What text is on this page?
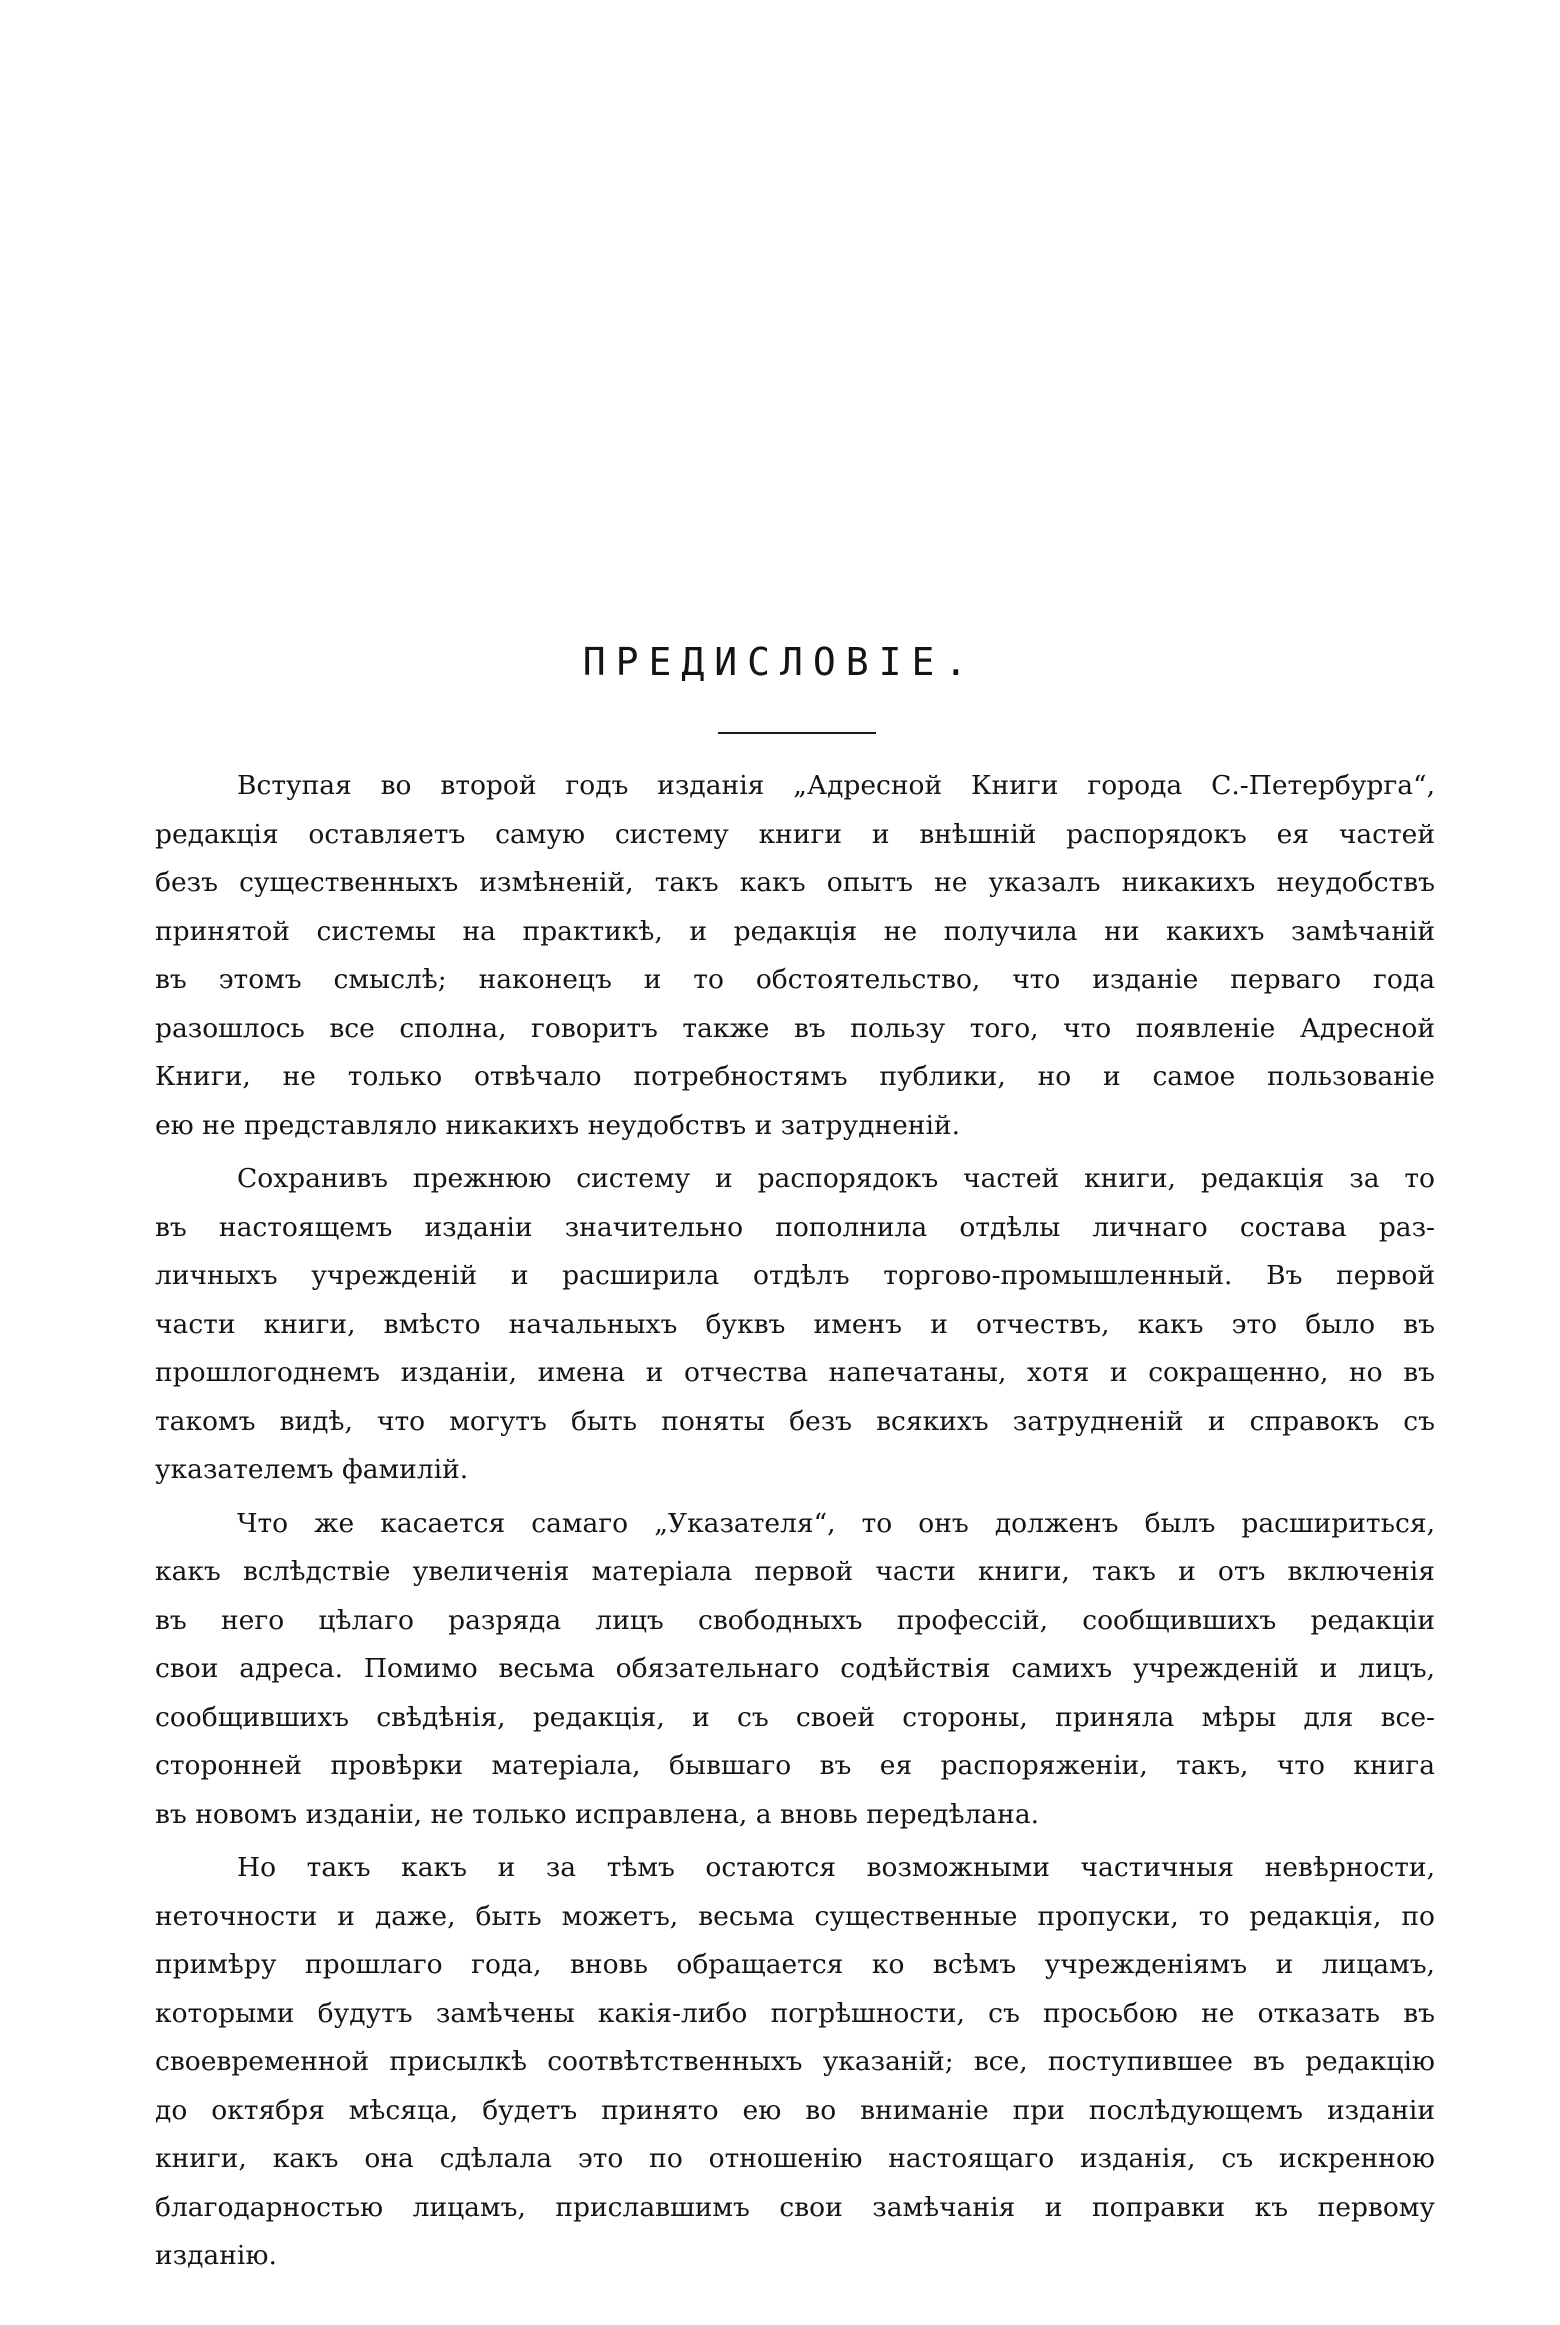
ПРЕДИСЛОВІЕ.

Вступая во второй годъ изданія „Адресной Книги города С.-Петербурга“,
редакція оставляетъ самую систему книги и внѣшній распорядокъ ея частей
безъ существенныхъ измѣненій, такъ какъ опытъ не указалъ никакихъ неудобствъ
принятой системы на практикѣ, и редакція не получила ни какихъ замѣчаній
въ этомъ смыслѣ; наконецъ и то обстоятельство, что изданіе перваго года
разошлось все сполна, говоритъ также въ пользу того, что появленіе Адресной
Книги, не только отвѣчало потребностямъ публики, но и самое пользованіе
ею не представляло никакихъ неудобствъ и затрудненій.

Сохранивъ прежнюю систему и распорядокъ частей книги, редакція за то
въ настоящемъ изданіи значительно пополнила отдѣлы личнаго состава раз-
личныхъ учрежденій и расширила отдѣлъ торгово-промышленный. Въ первой
части книги, вмѣсто начальныхъ буквъ именъ и отчествъ, какъ это было въ
прошлогоднемъ изданіи, имена и отчества напечатаны, хотя и сокращенно, но въ
такомъ видѣ, что могутъ быть поняты безъ всякихъ затрудненій и справокъ съ
указателемъ фамилій.

Что же касается самаго „Указателя“, то онъ долженъ былъ расшириться,
какъ вслѣдствіе увеличенія матеріала первой части книги, такъ и отъ включенія
въ него цѣлаго разряда лицъ свободныхъ профессій, сообщившихъ редакціи
свои адреса. Помимо весьма обязательнаго содѣйствія самихъ учрежденій и лицъ,
сообщившихъ свѣдѣнія, редакція, и съ своей стороны, приняла мѣры для все-
сторонней провѣрки матеріала, бывшаго въ ея распоряженіи, такъ, что книга
въ новомъ изданіи, не только исправлена, а вновь передѣлана.

Но такъ какъ и за тѣмъ остаются возможными частичныя невѣрности,
неточности и даже, быть можетъ, весьма существенные пропуски, то редакція, по
примѣру прошлаго года, вновь обращается ко всѣмъ учрежденіямъ и лицамъ,
которыми будутъ замѣчены какія-либо погрѣшности, съ просьбою не отказать въ
своевременной присылкѣ соотвѣтственныхъ указаній; все, поступившее въ редакцію
до октября мѣсяца, будетъ принято ею во вниманіе при послѣдующемъ изданіи
книги, какъ она сдѣлала это по отношенію настоящаго изданія, съ искренною
благодарностью лицамъ, приславшимъ свои замѣчанія и поправки къ первому
изданію.
